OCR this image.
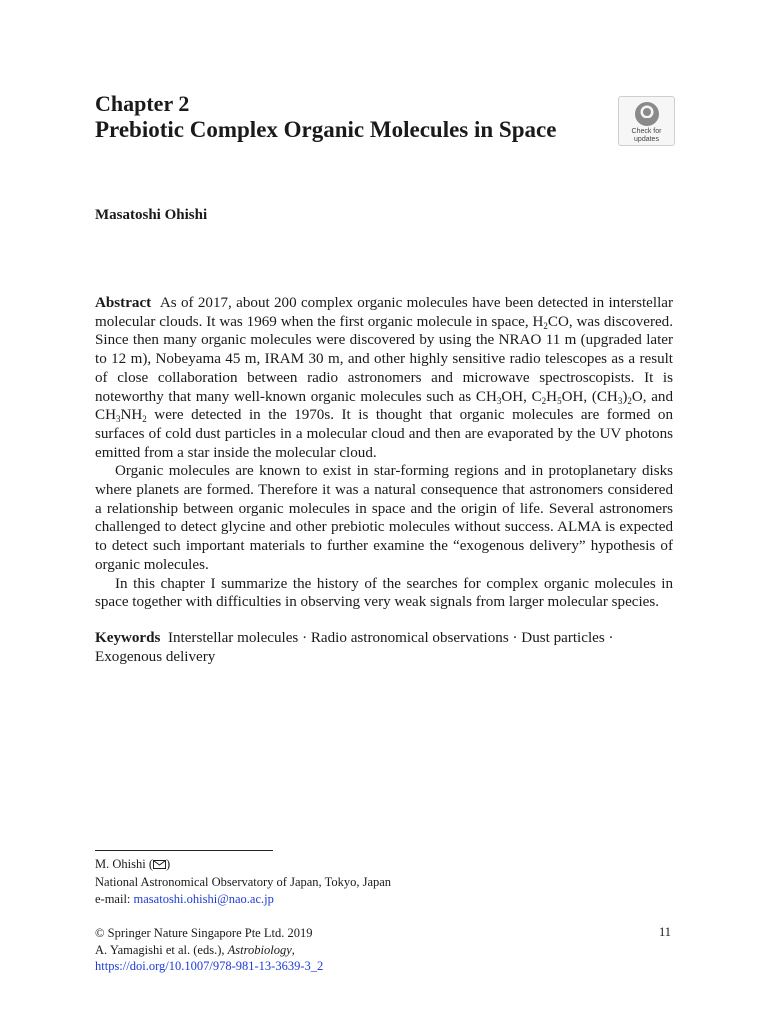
Chapter 2
Prebiotic Complex Organic Molecules in Space	Check for
updates
Masatoshi Ohishi

Abstract As of 2017, about 200 complex organic molecules have been detected in interstellar molecular clouds. It was 1969 when the first organic molecule in space, $H_2CO$, was discovered. Since then many organic molecules were discovered by using the NRAO 11 m (upgraded later to 12 m), Nobeyama 45 m, IRAM 30 m, and other highly sensitive radio telescopes as a result of close collaboration between radio astronomers and microwave spectroscopists. It is noteworthy that many well-known organic molecules such as $CH_3OH$, $C_2H_5OH$, $(CH_3)_2O$, and $CH_3NH_2$ were detected in the 1970s. It is thought that organic molecules are formed on surfaces of cold dust particles in a molecular cloud and then are evaporated by the UV photons emitted from a star inside the molecular cloud.

Organic molecules are known to exist in star-forming regions and in protoplanetary disks where planets are formed. Therefore it was a natural consequence that astronomers considered a relationship between organic molecules in space and the origin of life. Several astronomers challenged to detect glycine and other prebiotic molecules without success. ALMA is expected to detect such important materials to further examine the “exogenous delivery” hypothesis of organic molecules.

In this chapter I summarize the history of the searches for complex organic molecules in space together with difficulties in observing very weak signals from larger molecular species.

Keywords Interstellar molecules · Radio astronomical observations · Dust particles · Exogenous delivery

M. Ohishi ( )
National Astronomical Observatory of Japan, Tokyo, Japan
e-mail: masatoshi.ohishi@nao.ac.jp
© Springer Nature Singapore Pte Ltd. 2019
A. Yamagishi et al. (eds.), Astrobiology,
https://doi.org/10.1007/978-981-13-3639-3_2
11
